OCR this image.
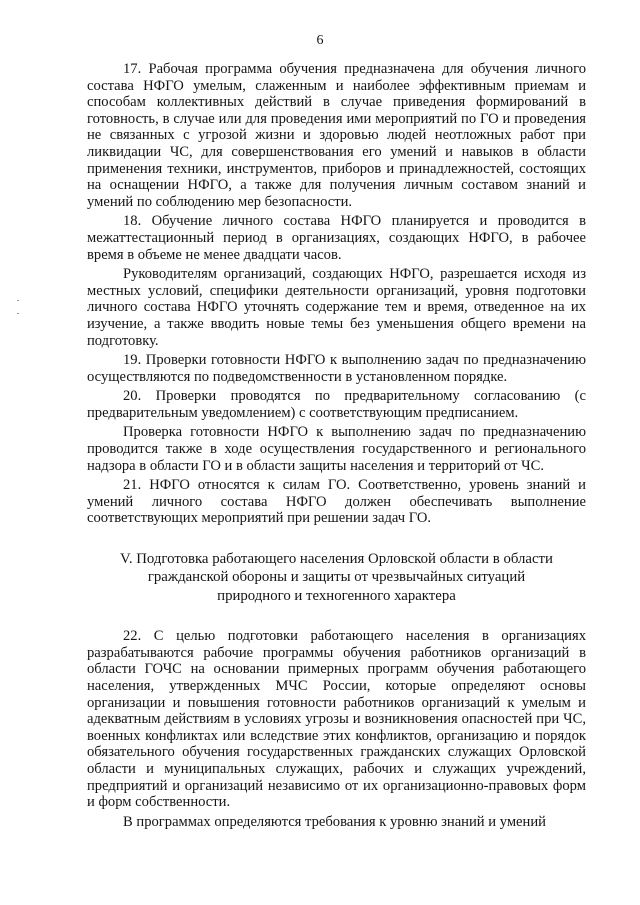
6

17. Рабочая программа обучения предназначена для обучения личного состава НФГО умелым, слаженным и наиболее эффективным приемам и способам коллективных действий в случае приведения формирований в готовность, в случае или для проведения ими мероприятий по ГО и проведения не связанных с угрозой жизни и здоровью людей неотложных работ при ликвидации ЧС, для совершенствования его умений и навыков в области применения техники, инструментов, приборов и принадлежностей, состоящих на оснащении НФГО, а также для получения личным составом знаний и умений по соблюдению мер безопасности.

18. Обучение личного состава НФГО планируется и проводится в межаттестационный период в организациях, создающих НФГО, в рабочее время в объеме не менее двадцати часов.

Руководителям организаций, создающих НФГО, разрешается исходя из местных условий, специфики деятельности организаций, уровня подготовки личного состава НФГО уточнять содержание тем и время, отведенное на их изучение, а также вводить новые темы без уменьшения общего времени на подготовку.

19. Проверки готовности НФГО к выполнению задач по предназначению осуществляются по подведомственности в установленном порядке.

20. Проверки проводятся по предварительному согласованию (с предварительным уведомлением) с соответствующим предписанием.

Проверка готовности НФГО к выполнению задач по предназначению проводится также в ходе осуществления государственного и регионального надзора в области ГО и в области защиты населения и территорий от ЧС.

21. НФГО относятся к силам ГО. Соответственно, уровень знаний и умений личного состава НФГО должен обеспечивать выполнение соответствующих мероприятий при решении задач ГО.

V. Подготовка работающего населения Орловской области в области
гражданской обороны и защиты от чрезвычайных ситуаций
природного и техногенного характера

22. С целью подготовки работающего населения в организациях разрабатываются рабочие программы обучения работников организаций в области ГОЧС на основании примерных программ обучения работающего населения, утвержденных МЧС России, которые определяют основы организации и повышения готовности работников организаций к умелым и адекватным действиям в условиях угрозы и возникновения опасностей при ЧС, военных конфликтах или вследствие этих конфликтов, организацию и порядок обязательного обучения государственных гражданских служащих Орловской области и муниципальных служащих, рабочих и служащих учреждений, предприятий и организаций независимо от их организационно-правовых форм и форм собственности.

В программах определяются требования к уровню знаний и умений
